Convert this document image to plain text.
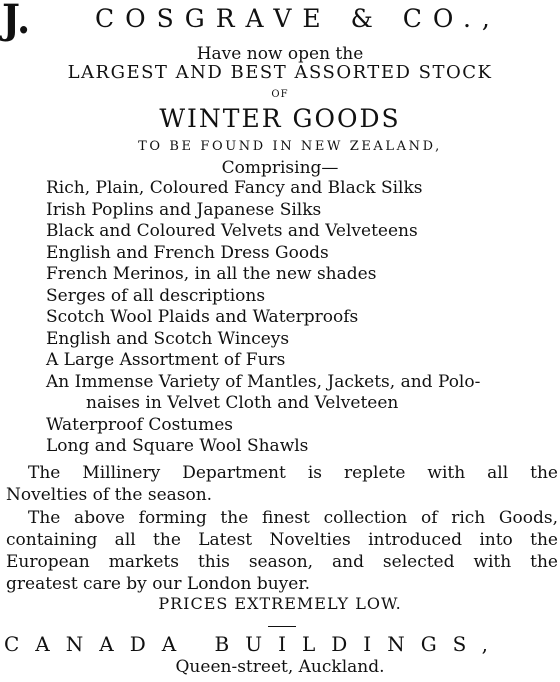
J.	COSGRAVE & CO.,
Have now open the
LARGEST AND BEST ASSORTED STOCK
OF
WINTER GOODS
TO BE FOUND IN NEW ZEALAND,
Comprising—
Rich, Plain, Coloured Fancy and Black Silks
Irish Poplins and Japanese Silks
Black and Coloured Velvets and Velveteens
English and French Dress Goods
French Merinos, in all the new shades
Serges of all descriptions
Scotch Wool Plaids and Waterproofs
English and Scotch Winceys
A Large Assortment of Furs
An Immense Variety of Mantles, Jackets, and Polo-
naises in Velvet Cloth and Velveteen
Waterproof Costumes
Long and Square Wool Shawls
The Millinery Department is replete with all the
Novelties of the season.
The above forming the finest collection of rich Goods,
containing all the Latest Novelties introduced into the
European markets this season, and selected with the
greatest care by our London buyer.
PRICES EXTREMELY LOW.
CANADA BUILDINGS,
Queen-street, Auckland.
